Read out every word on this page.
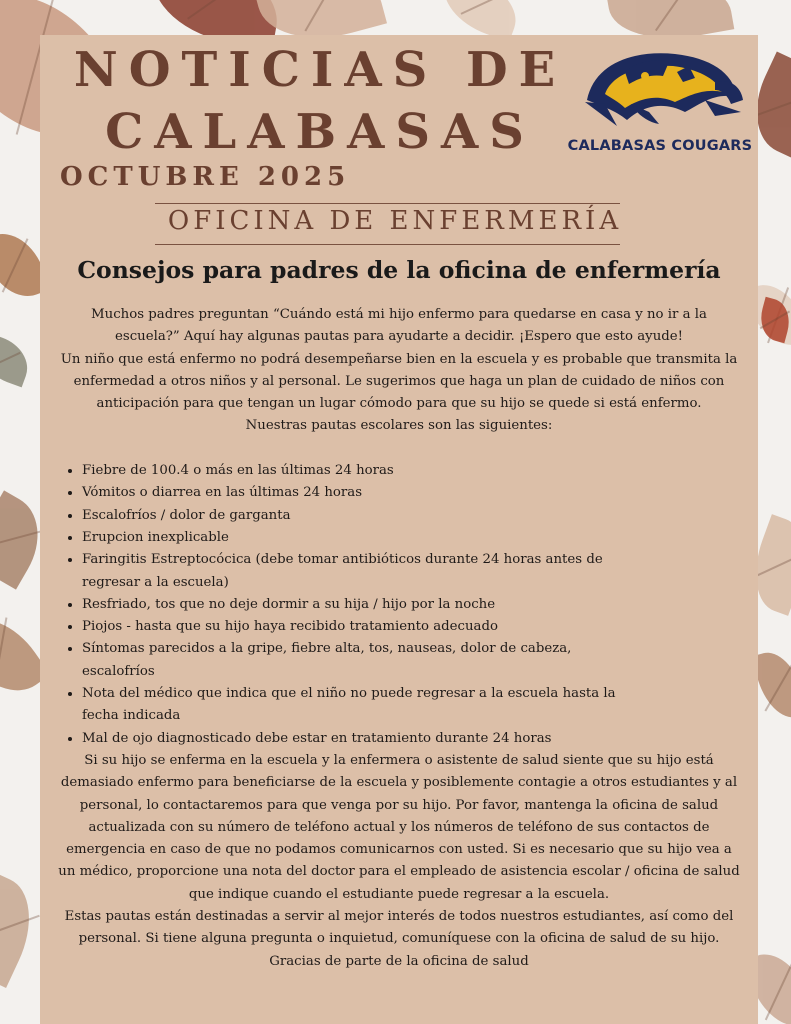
NOTICIAS DE
CALABASAS

OCTUBRE 2025

OFICINA DE ENFERMERÍA

CALABASAS COUGARS
Consejos para padres de la oficina de enfermería

Muchos padres preguntan “Cuándo está mi hijo enfermo para quedarse en casa y no ir a la escuela?” Aquí hay algunas pautas para ayudarte a decidir. ¡Espero que esto ayude!

Un niño que está enfermo no podrá desempeñarse bien en la escuela y es probable que transmita la enfermedad a otros niños y al personal. Le sugerimos que haga un plan de cuidado de niños con anticipación para que tengan un lugar cómodo para que su hijo se quede si está enfermo.

Nuestras pautas escolares son las siguientes:

• Fiebre de 100.4 o más en las últimas 24 horas
• Vómitos o diarrea en las últimas 24 horas
• Escalofríos / dolor de garganta
• Erupcion inexplicable
• Faringitis Estreptocócica (debe tomar antibióticos durante 24 horas antes de regresar a la escuela)
• Resfriado, tos que no deje dormir a su hija / hijo por la noche
• Piojos - hasta que su hijo haya recibido tratamiento adecuado
• Síntomas parecidos a la gripe, fiebre alta, tos, nauseas, dolor de cabeza, escalofríos
• Nota del médico que indica que el niño no puede regresar a la escuela hasta la fecha indicada
• Mal de ojo diagnosticado debe estar en tratamiento durante 24 horas

Si su hijo se enferma en la escuela y la enfermera o asistente de salud siente que su hijo está demasiado enfermo para beneficiarse de la escuela y posiblemente contagie a otros estudiantes y al personal, lo contactaremos para que venga por su hijo. Por favor, mantenga la oficina de salud actualizada con su número de teléfono actual y los números de teléfono de sus contactos de emergencia en caso de que no podamos comunicarnos con usted. Si es necesario que su hijo vea a un médico, proporcione una nota del doctor para el empleado de asistencia escolar / oficina de salud que indique cuando el estudiante puede regresar a la escuela.

Estas pautas están destinadas a servir al mejor interés de todos nuestros estudiantes, así como del personal. Si tiene alguna pregunta o inquietud, comuníquese con la oficina de salud de su hijo.

Gracias de parte de la oficina de salud
